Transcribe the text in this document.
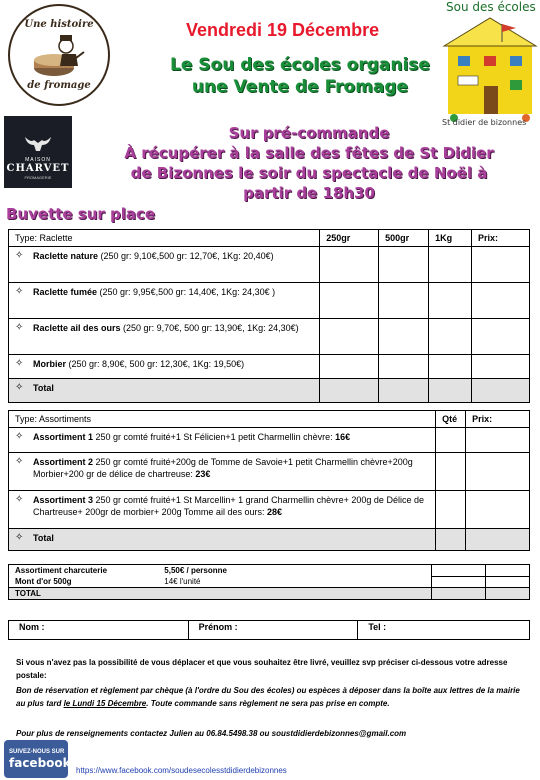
Une histoire
de fromage
Vendredi 19 Décembre
Le Sou des écoles organise
une Vente de Fromage
Sou des écoles
St didier de bizonnes
MAISON
CHARVET
FROMAGERIE
Sur pré-commande
À récupérer à la salle des fêtes de St Didier
de Bizonnes le soir du spectacle de Noël à
partir de 18h30
Buvette sur place
Type: Raclette	250gr	500gr	1Kg	Prix:

✧ Raclette nature (250 gr: 9,10€,500 gr: 12,70€, 1Kg: 20,40€)				

✧ Raclette fumée (250 gr: 9,95€,500 gr: 14,40€, 1Kg: 24,30€ )				

✧ Raclette ail des ours (250 gr: 9,70€, 500 gr: 13,90€, 1Kg: 24,30€)				

✧ Morbier (250 gr: 8,90€, 500 gr: 12,30€, 1Kg: 19,50€)				

✧ Total				

Type: Assortiments	Qté	Prix:

✧ Assortiment 1 250 gr comté fruité+1 St Félicien+1 petit Charmellin chèvre: 16€		

✧ Assortiment 2 250 gr comté fruité+200g de Tomme de Savoie+1 petit Charmellin chèvre+200g Morbier+200 gr de délice de chartreuse: 23€		

✧ Assortiment 3 250 gr comté fruité+1 St Marcellin+ 1 grand Charmellin chèvre+ 200g de Délice de Chartreuse+ 200gr de morbier+ 200g Tomme ail des ours: 28€		

✧ Total		

Assortiment charcuterie	5,50€ / personne		
Mont d'or 500g	14€ l'unité		
TOTAL			
Nom :	Prénom :	Tel :
Si vous n'avez pas la possibilité de vous déplacer et que vous souhaitez être livré, veuillez svp préciser ci-dessous votre adresse postale:
Bon de réservation et règlement par chèque (à l'ordre du Sou des écoles) ou espèces à déposer dans la boîte aux lettres de la mairie au plus tard le Lundi 15 Décembre. Toute commande sans règlement ne sera pas prise en compte.
Pour plus de renseignements contactez Julien au 06.84.5498.38 ou soustdidierdebizonnes@gmail.com
SUIVEZ-NOUS SUR
facebook
https://www.facebook.com/soudesecolesstdidierdebizonnes
